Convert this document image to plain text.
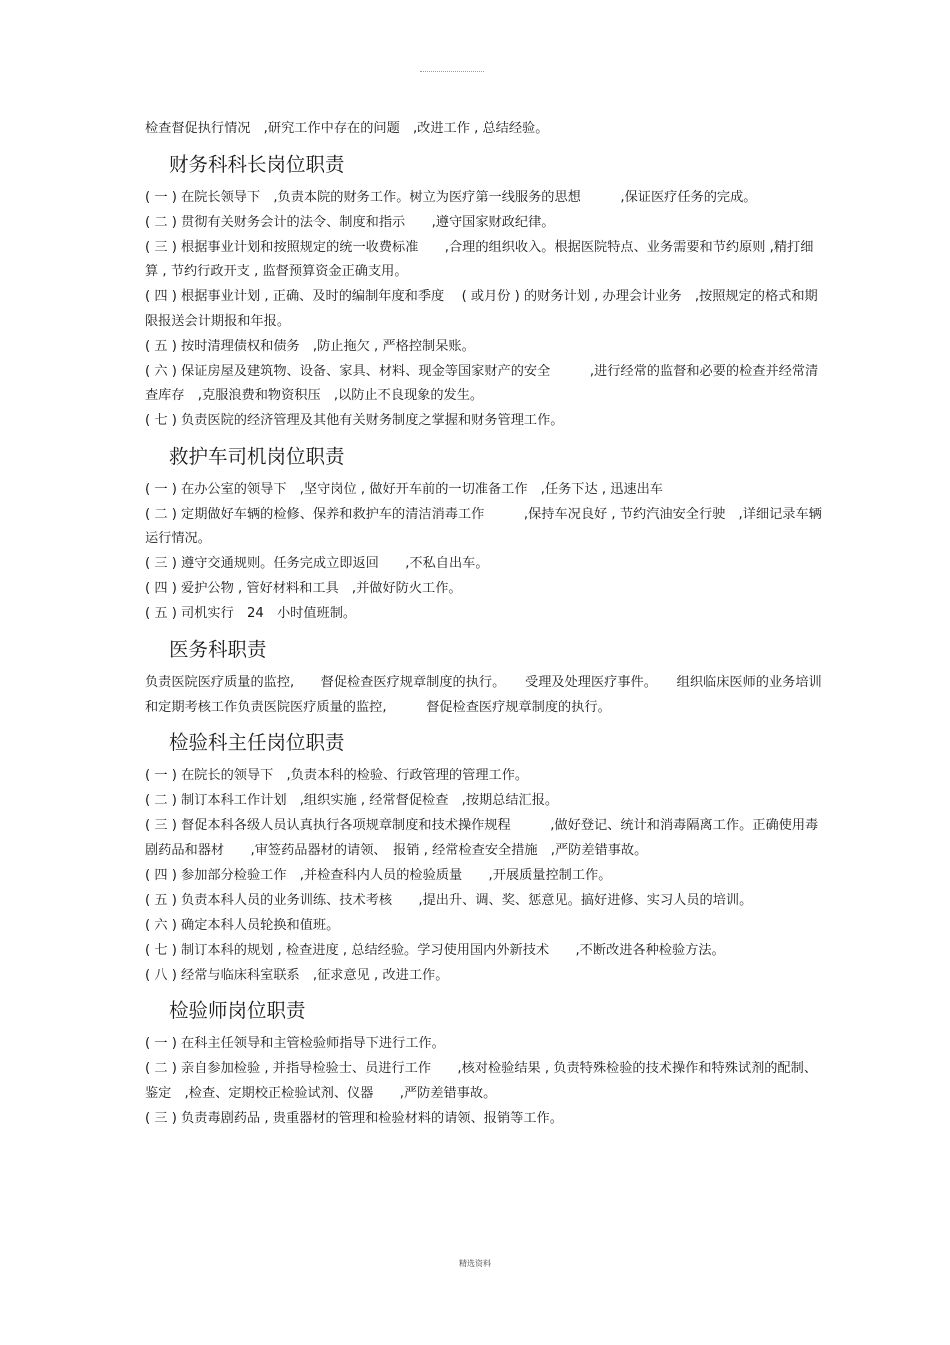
检查督促执行情况　,研究工作中存在的问题　,改进工作 , 总结经验。

财务科科长岗位职责

( 一 ) 在院长领导下　,负责本院的财务工作。树立为医疗第一线服务的思想　　　,保证医疗任务的完成。

( 二 ) 贯彻有关财务会计的法令、制度和指示　　,遵守国家财政纪律。

( 三 ) 根据事业计划和按照规定的统一收费标准　　,合理的组织收入。根据医院特点、业务需要和节约原则 ,精打细算 , 节约行政开支 , 监督预算资金正确支用。

( 四 ) 根据事业计划 , 正确、及时的编制年度和季度　 ( 或月份 ) 的财务计划 , 办理会计业务　,按照规定的格式和期限报送会计期报和年报。

( 五 ) 按时清理债权和债务　,防止拖欠 , 严格控制呆账。

( 六 ) 保证房屋及建筑物、设备、家具、材料、现金等国家财产的安全　　　,进行经常的监督和必要的检查并经常清查库存　,克服浪费和物资积压　,以防止不良现象的发生。

( 七 ) 负责医院的经济管理及其他有关财务制度之掌握和财务管理工作。

救护车司机岗位职责

( 一 ) 在办公室的领导下　,坚守岗位 , 做好开车前的一切准备工作　,任务下达 , 迅速出车

( 二 ) 定期做好车辆的检修、保养和救护车的清洁消毒工作　　　,保持车况良好 , 节约汽油安全行驶　,详细记录车辆运行情况。

( 三 ) 遵守交通规则。任务完成立即返回　　,不私自出车。

( 四 ) 爱护公物 , 管好材料和工具　,并做好防火工作。

( 五 ) 司机实行　24　小时值班制。

医务科职责

负责医院医疗质量的监控,　　督促检查医疗规章制度的执行。　　受理及处理医疗事件。　　组织临床医师的业务培训和定期考核工作负责医院医疗质量的监控,　　　督促检查医疗规章制度的执行。

检验科主任岗位职责

( 一 ) 在院长的领导下　,负责本科的检验、行政管理的管理工作。

( 二 ) 制订本科工作计划　,组织实施 , 经常督促检查　,按期总结汇报。

( 三 ) 督促本科各级人员认真执行各项规章制度和技术操作规程　　　,做好登记、统计和消毒隔离工作。正确使用毒剧药品和器材　　,审签药品器材的请领、　报销 , 经常检查安全措施　,严防差错事故。

( 四 ) 参加部分检验工作　,并检查科内人员的检验质量　　,开展质量控制工作。

( 五 ) 负责本科人员的业务训练、技术考核　　,提出升、调、奖、惩意见。搞好进修、实习人员的培训。

( 六 ) 确定本科人员轮换和值班。

( 七 ) 制订本科的规划 , 检查进度 , 总结经验。学习使用国内外新技术　　,不断改进各种检验方法。

( 八 ) 经常与临床科室联系　,征求意见 , 改进工作。

检验师岗位职责

( 一 ) 在科主任领导和主管检验师指导下进行工作。

( 二 ) 亲自参加检验 , 并指导检验士、员进行工作　　,核对检验结果 , 负责特殊检验的技术操作和特殊试剂的配制、鉴定　,检查、定期校正检验试剂、仪器　　,严防差错事故。

( 三 ) 负责毒剧药品 , 贵重器材的管理和检验材料的请领、报销等工作。

精选资料
